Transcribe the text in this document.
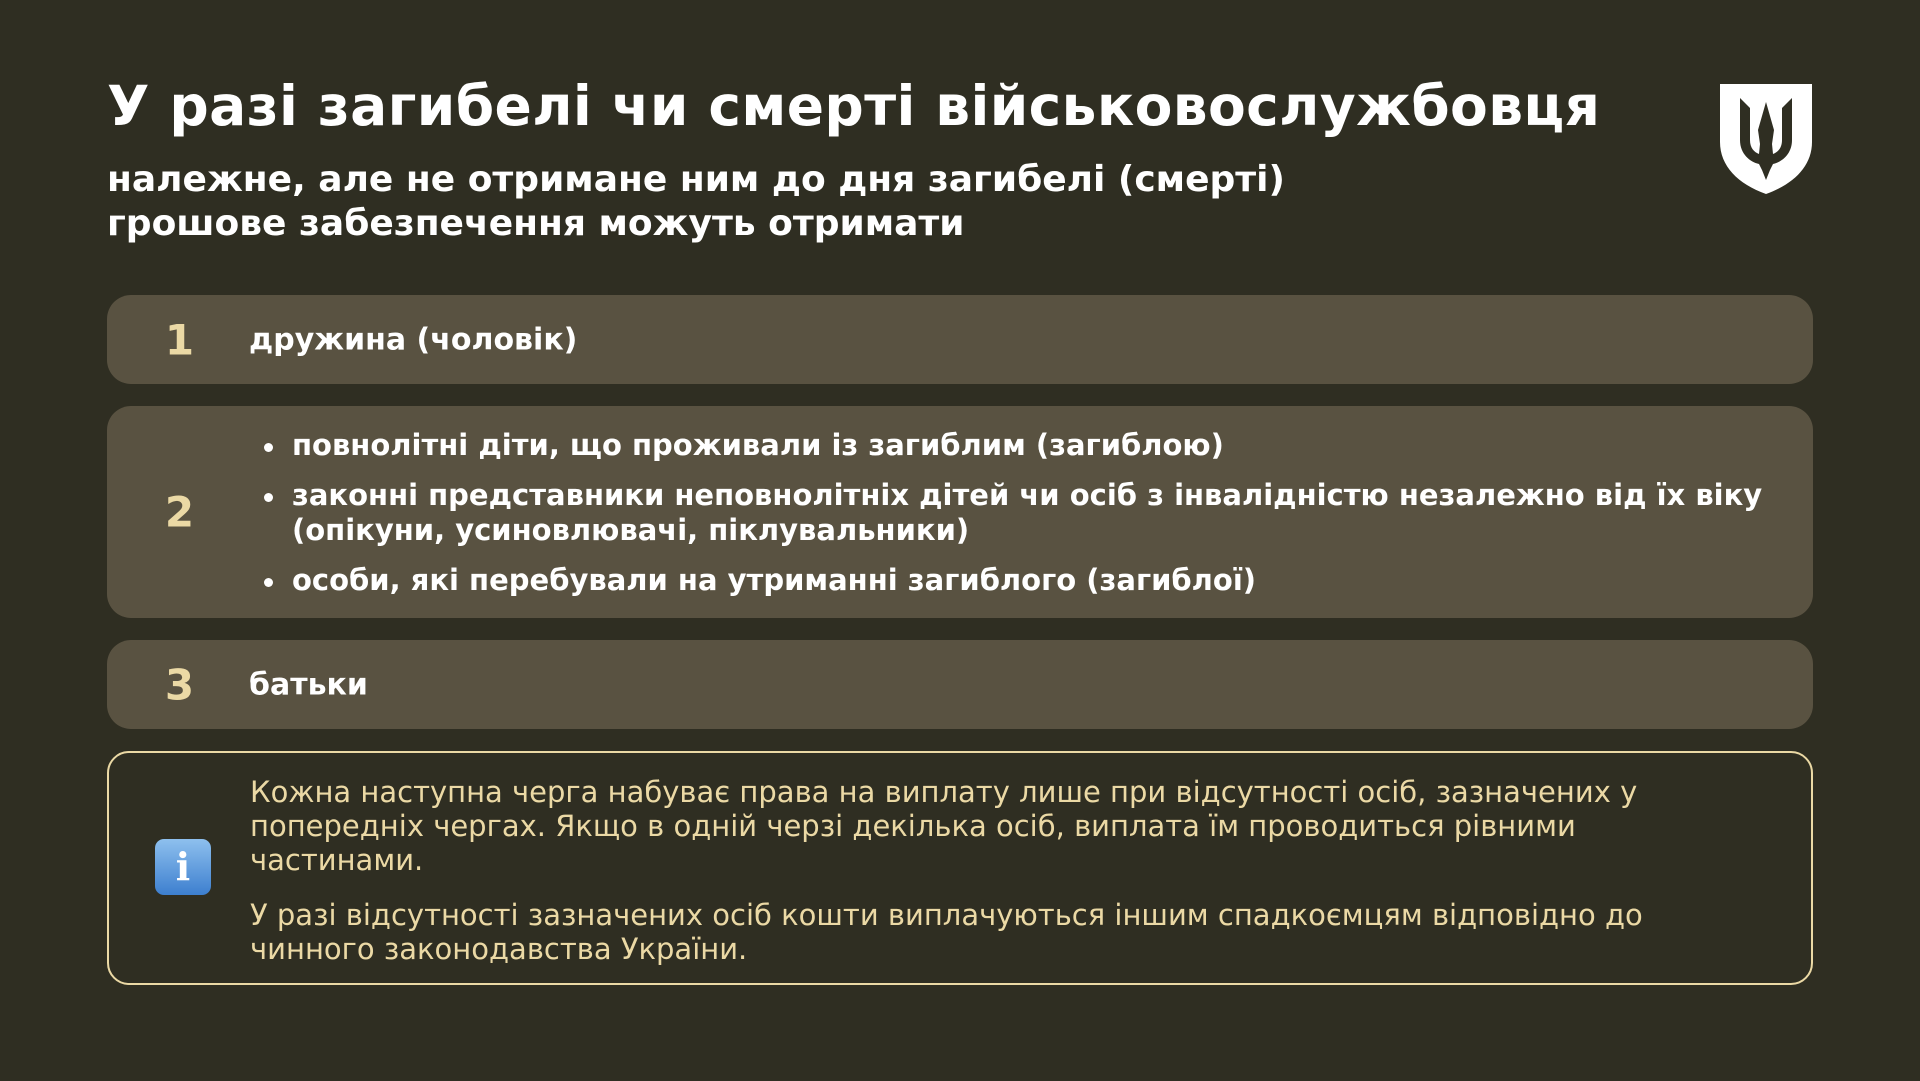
У разі загибелі чи смерті військовослужбовця
належне, але не отримане ним до дня загибелі (смерті)
грошове забезпечення можуть отримати
1	дружина (чоловік)
2
повнолітні діти, що проживали із загиблим (загиблою)
законні представники неповнолітніх дітей чи осіб з інвалідністю незалежно від їх віку
(опікуни, усиновлювачі, піклувальники)
особи, які перебували на утриманні загиблого (загиблої)
3	батьки
i

Кожна наступна черга набуває права на виплату лише при відсутності осіб, зазначених у
попередніх чергах. Якщо в одній черзі декілька осіб, виплата їм проводиться рівними
частинами.

У разі відсутності зазначених осіб кошти виплачуються іншим спадкоємцям відповідно до
чинного законодавства України.
